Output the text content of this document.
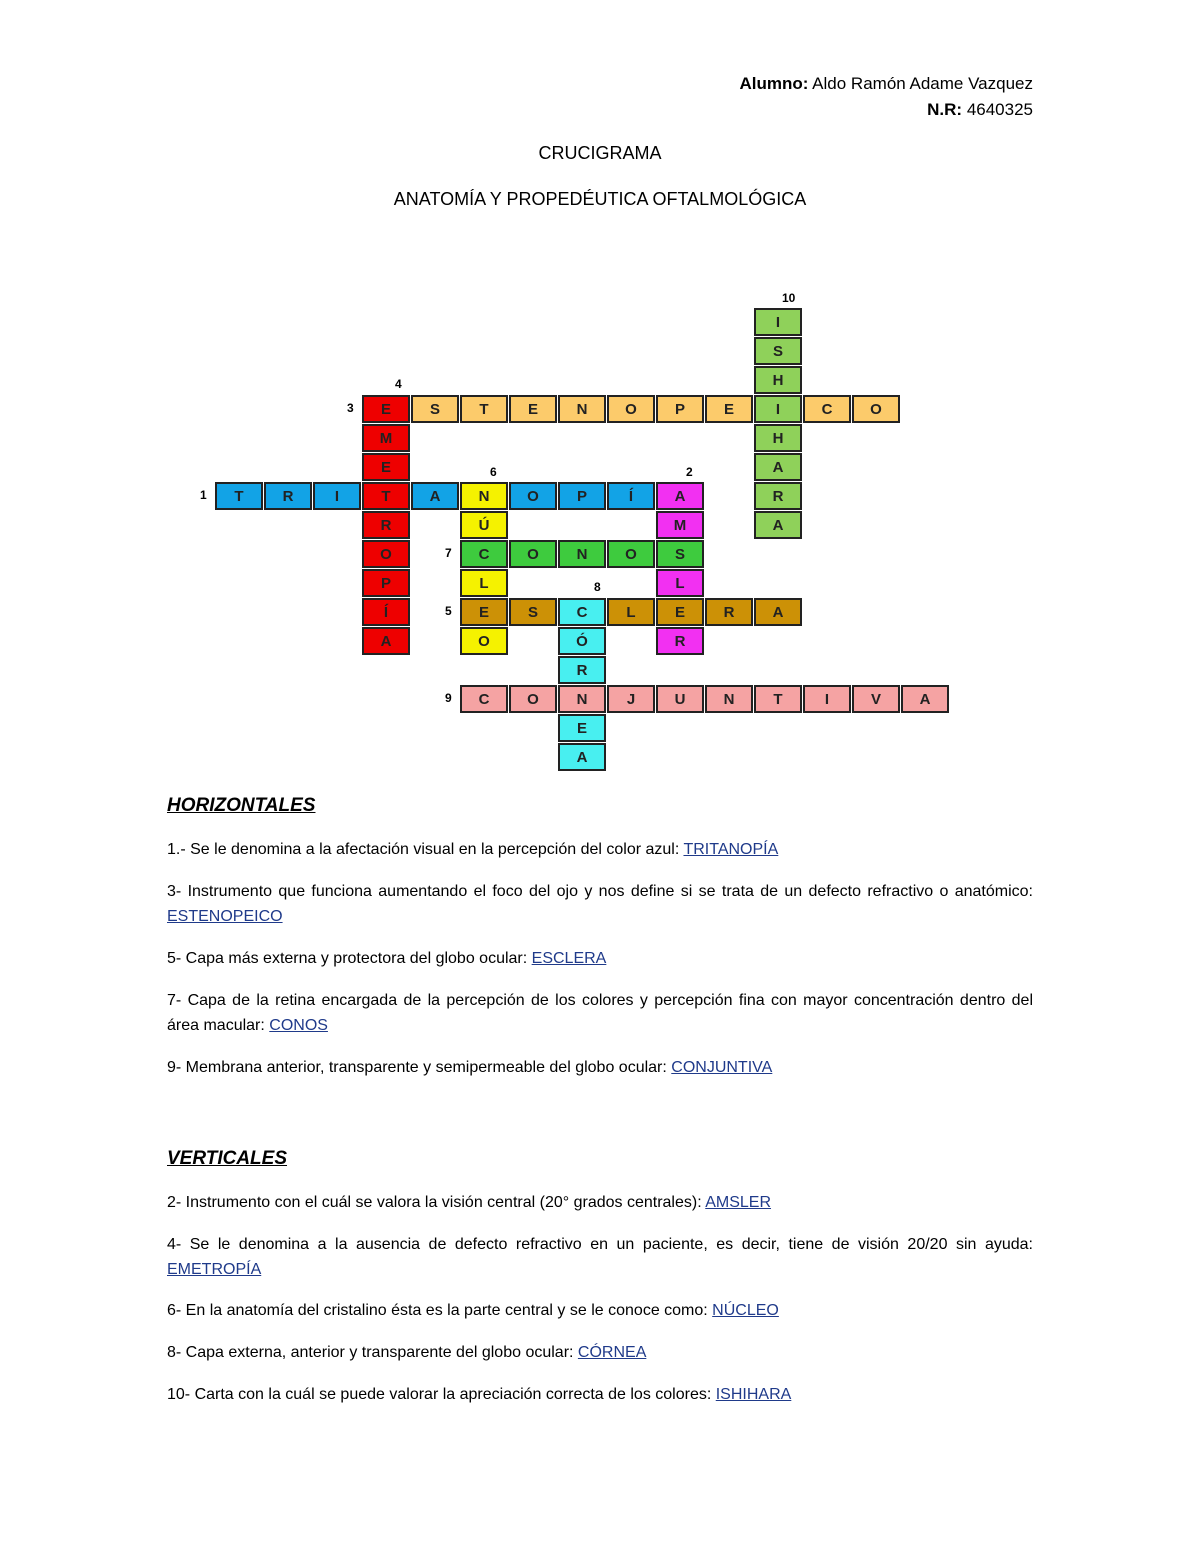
Alumno: Aldo Ramón Adame Vazquez
N.R: 4640325
CRUCIGRAMA
ANATOMÍA Y PROPEDÉUTICA OFTALMOLÓGICA
T	R	I	T	A	N	O	P	Í	A
1
E	S	T	E	N	O	P	E	I	C	O
3
M
E
R
O
P
Í
A
4
Ú
C
L
E
O
6
M
S
L
E
R
2
O	N	O
7
S	C	L	R	A
5
Ó
R
N
E
A
8
C	O	J	U	N	T	I	V	A
9
I
S
H
H
A
R
A
10
HORIZONTALES
1.- Se le denomina a la afectación visual en la percepción del color azul: TRITANOPÍA
3- Instrumento que funciona aumentando el foco del ojo y nos define si se trata de un defecto refractivo o anatómico: ESTENOPEICO
5- Capa más externa y protectora del globo ocular: ESCLERA
7- Capa de la retina encargada de la percepción de los colores y percepción fina con mayor concentración dentro del área macular: CONOS
9- Membrana anterior, transparente y semipermeable del globo ocular: CONJUNTIVA
VERTICALES
2- Instrumento con el cuál se valora la visión central (20° grados centrales): AMSLER
4- Se le denomina a la ausencia de defecto refractivo en un paciente, es decir, tiene de visión 20/20 sin ayuda: EMETROPÍA
6- En la anatomía del cristalino ésta es la parte central y se le conoce como: NÚCLEO
8- Capa externa, anterior y transparente del globo ocular: CÓRNEA
10- Carta con la cuál se puede valorar la apreciación correcta de los colores: ISHIHARA
